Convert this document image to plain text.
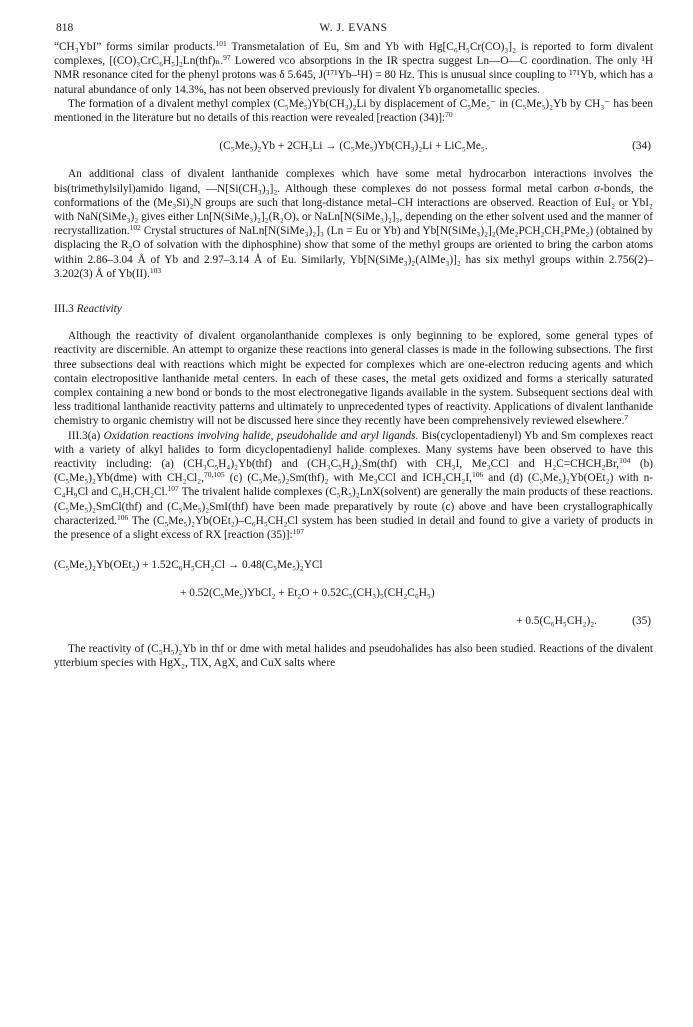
818	W. J. EVANS

“CH₃YbI” forms similar products.$^{101}$ Transmetalation of Eu, Sm and Yb with Hg[C₆H₅Cr(CO)₃]₂ is reported to form divalent complexes, [(CO)₃CrC₆H₅]₂Ln(thf)ₙ.$^{97}$ Lowered νᴄᴏ absorptions in the IR spectra suggest Ln—O—C coordination. The only ¹H NMR resonance cited for the phenyl protons was δ 5.645, J(¹⁷¹Yb–¹H) = 80 Hz. This is unusual since coupling to ¹⁷¹Yb, which has a natural abundance of only 14.3%, has not been observed previously for divalent Yb organometallic species.

The formation of a divalent methyl complex (C₅Me₅)Yb(CH₃)₂Li by displacement of C₅Me₅⁻ in (C₅Me₅)₂Yb by CH₃⁻ has been mentioned in the literature but no details of this reaction were revealed [reaction (34)]:$^{70}$

(C₅Me₅)₂Yb + 2CH₃Li → (C₅Me₅)Yb(CH₃)₂Li + LiC₅Me₅.	(34)

An additional class of divalent lanthanide complexes which have some metal hydrocarbon interactions involves the bis(trimethylsilyl)amido ligand, —N[Si(CH₃)₃]₂. Although these complexes do not possess formal metal carbon σ-bonds, the conformations of the (Me₃Si)₂N groups are such that long-distance metal–CH interactions are observed. Reaction of EuI₂ or YbI₂ with NaN(SiMe₃)₂ gives either Ln[N(SiMe₃)₂]₂(R₂O)ₓ or NaLn[N(SiMe₃)₂]₃, depending on the ether solvent used and the manner of recrystallization.$^{102}$ Crystal structures of NaLn[N(SiMe₃)₂]₃ (Ln = Eu or Yb) and Yb[N(SiMe₃)₂]₂(Me₂PCH₂CH₂PMe₂) (obtained by displacing the R₂O of solvation with the diphosphine) show that some of the methyl groups are oriented to bring the carbon atoms within 2.86–3.04 Å of Yb and 2.97–3.14 Å of Eu. Similarly, Yb[N(SiMe₃)₂(AlMe₃)]₂ has six methyl groups within 2.756(2)–3.202(3) Å of Yb(II).$^{103}$

III.3 Reactivity

Although the reactivity of divalent organolanthanide complexes is only beginning to be explored, some general types of reactivity are discernible. An attempt to organize these reactions into general classes is made in the following subsections. The first three subsections deal with reactions which might be expected for complexes which are one-electron reducing agents and which contain electropositive lanthanide metal centers. In each of these cases, the metal gets oxidized and forms a sterically saturated complex containing a new bond or bonds to the most electronegative ligands available in the system. Subsequent sections deal with less traditional lanthanide reactivity patterns and ultimately to unprecedented types of reactivity. Applications of divalent lanthanide chemistry to organic chemistry will not be discussed here since they recently have been comprehensively reviewed elsewhere.$^7$

III.3(a) Oxidation reactions involving halide, pseudohalide and aryl ligands. Bis(cyclopentadienyl) Yb and Sm complexes react with a variety of alkyl halides to form dicyclopentadienyl halide complexes. Many systems have been observed to have this reactivity including: (a) (CH₃C₅H₄)₂Yb(thf) and (CH₃C₅H₄)₂Sm(thf) with CH₃I, Me₃CCl and H₂C=CHCH₂Br,$^{104}$ (b) (C₅Me₅)₂Yb(dme) with CH₂Cl₂,$^{70,105}$ (c) (C₅Me₅)₂Sm(thf)₂ with Me₃CCl and ICH₂CH₂I,$^{106}$ and (d) (C₅Me₅)₂Yb(OEt₂) with n-C₄H₉Cl and C₆H₅CH₂Cl.$^{107}$ The trivalent halide complexes (C₅R₅)₂LnX(solvent) are generally the main products of these reactions. (C₅Me₅)₂SmCl(thf) and (C₅Me₅)₂SmI(thf) have been made preparatively by route (c) above and have been crystallographically characterized.$^{106}$ The (C₅Me₅)₂Yb(OEt₂)–C₆H₅CH₂Cl system has been studied in detail and found to give a variety of products in the presence of a slight excess of RX [reaction (35)]:$^{107}$

(C₅Me₅)₂Yb(OEt₂) + 1.52C₆H₅CH₂Cl → 0.48(C₅Me₅)₂YCl
+ 0.52(C₅Me₅)YbCl₂ + Et₂O + 0.52C₅(CH₃)₅(CH₂C₆H₅)
+ 0.5(C₆H₅CH₂)₂.	(35)

The reactivity of (C₅H₅)₂Yb in thf or dme with metal halides and pseudohalides has also been studied. Reactions of the divalent ytterbium species with HgX₂, TlX, AgX, and CuX salts where
